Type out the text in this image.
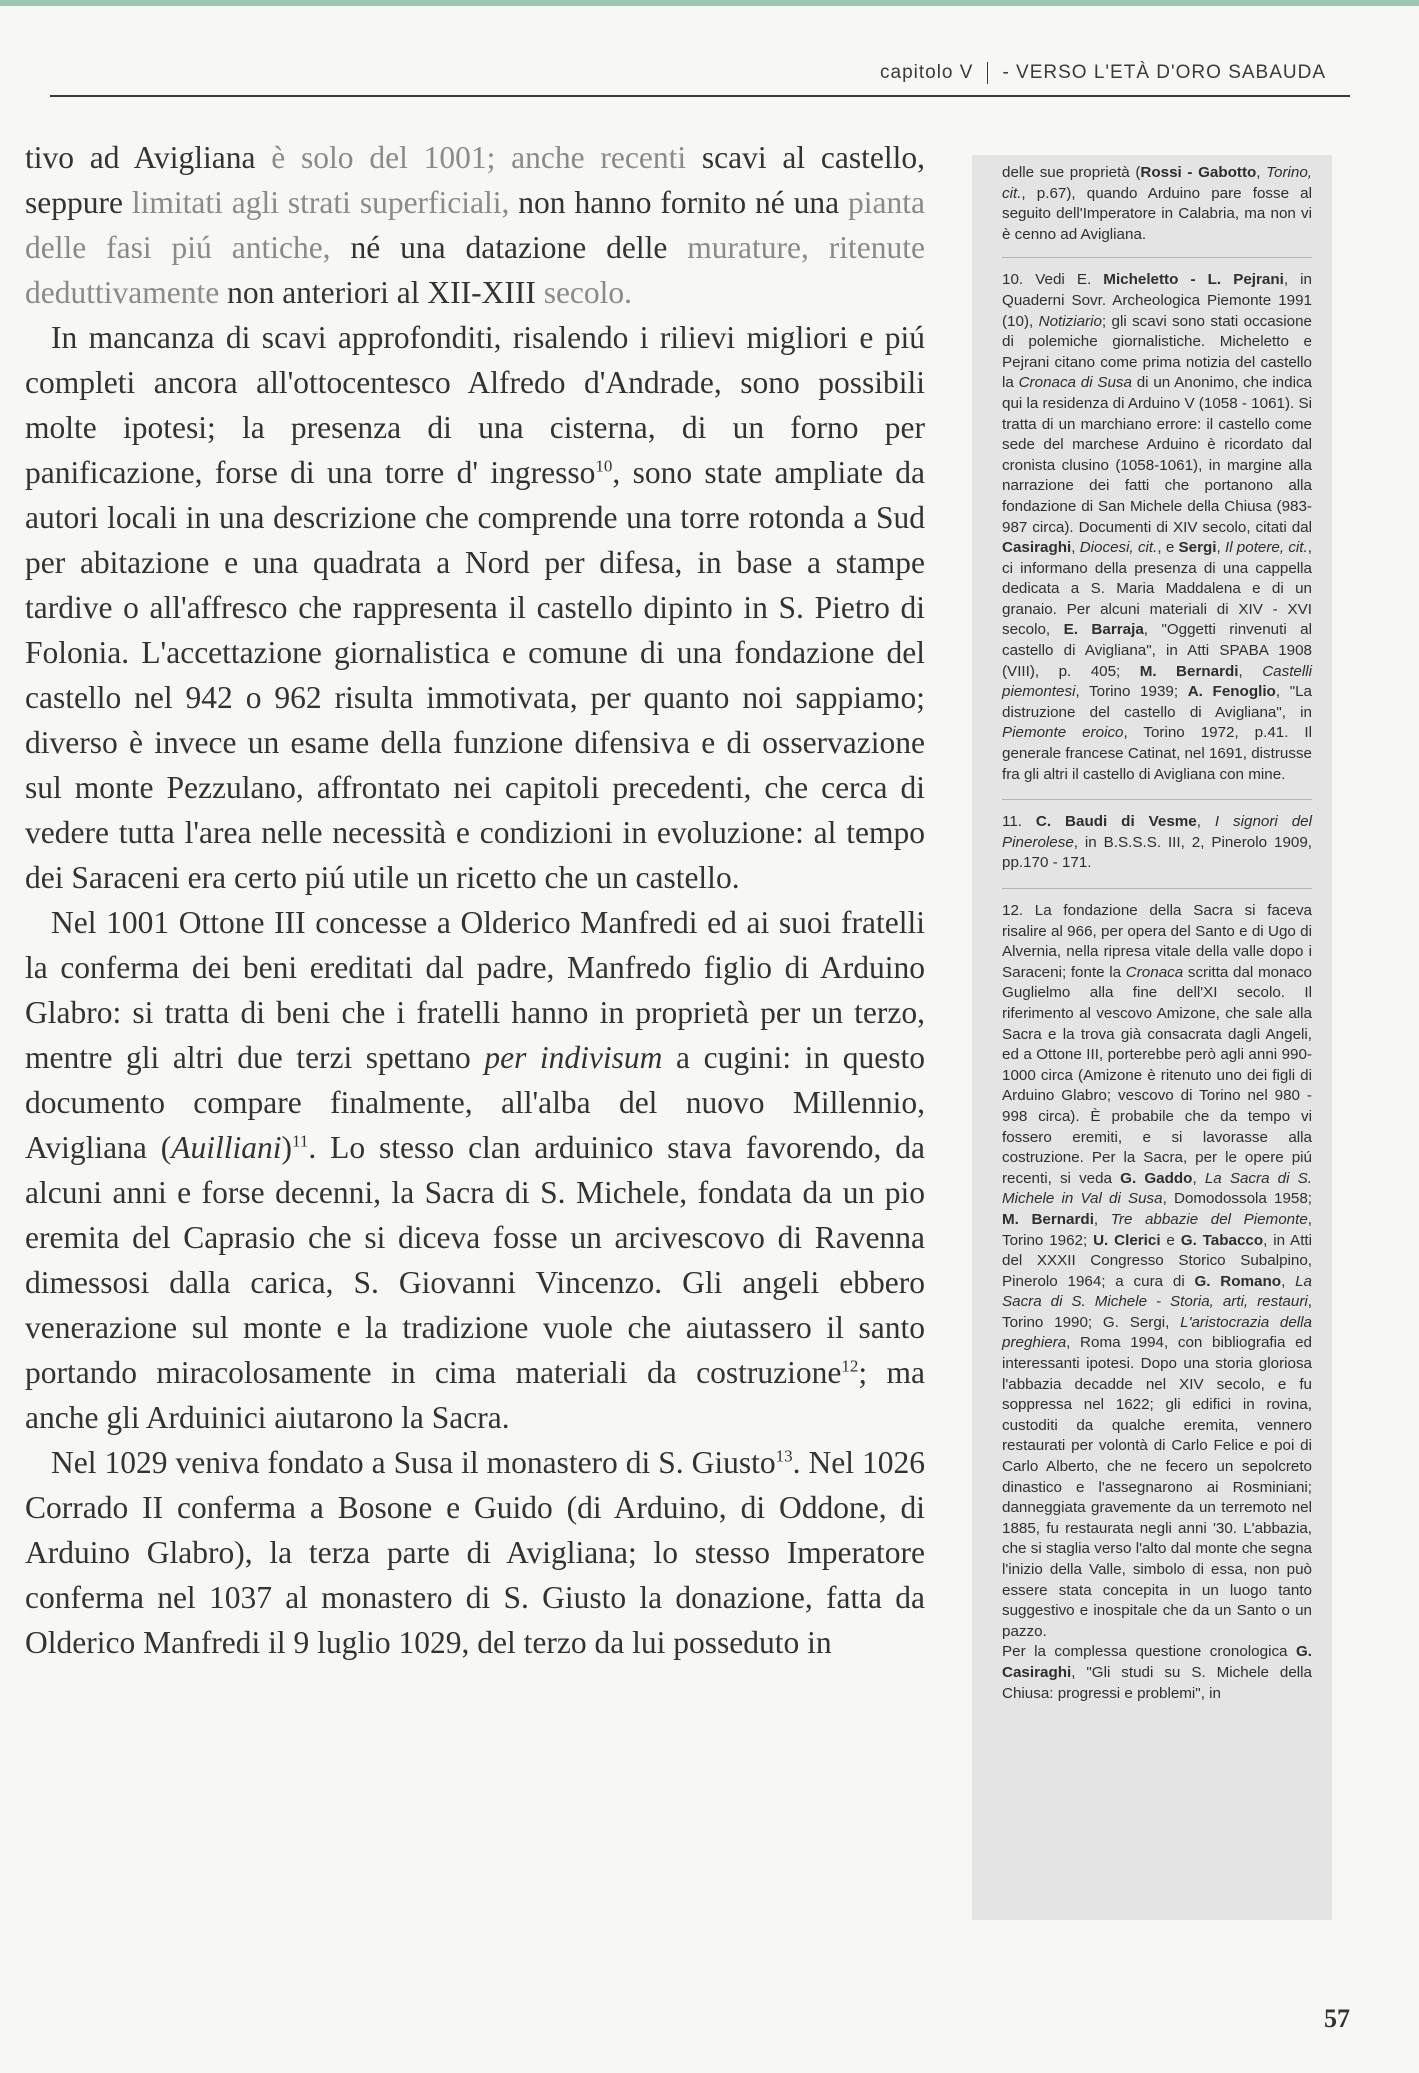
capitolo V - VERSO L'ETÀ D'ORO SABAUDA

tivo ad Avigliana è solo del 1001; anche recenti scavi al castello, seppure limitati agli strati superficiali, non hanno fornito né una pianta delle fasi piú antiche, né una datazione delle murature, ritenute deduttivamente non anteriori al XII-XIII secolo.

In mancanza di scavi approfonditi, risalendo i rilievi migliori e piú completi ancora all'ottocentesco Alfredo d'Andrade, sono possibili molte ipotesi; la presenza di una cisterna, di un forno per panificazione, forse di una torre d' ingresso$^{10}$, sono state ampliate da autori locali in una descrizione che comprende una torre rotonda a Sud per abitazione e una quadrata a Nord per difesa, in base a stampe tardive o all'affresco che rappresenta il castello dipinto in S. Pietro di Folonia. L'accettazione giornalistica e comune di una fondazione del castello nel 942 o 962 risulta immotivata, per quanto noi sappiamo; diverso è invece un esame della funzione difensiva e di osservazione sul monte Pezzulano, affrontato nei capitoli precedenti, che cerca di vedere tutta l'area nelle necessità e condizioni in evoluzione: al tempo dei Saraceni era certo piú utile un ricetto che un castello.

Nel 1001 Ottone III concesse a Olderico Manfredi ed ai suoi fratelli la conferma dei beni ereditati dal padre, Manfredo figlio di Arduino Glabro: si tratta di beni che i fratelli hanno in proprietà per un terzo, mentre gli altri due terzi spettano per indivisum a cugini: in questo documento compare finalmente, all'alba del nuovo Millennio, Avigliana (Auilliani)$^{11}$. Lo stesso clan arduinico stava favorendo, da alcuni anni e forse decenni, la Sacra di S. Michele, fondata da un pio eremita del Caprasio che si diceva fosse un arcivescovo di Ravenna dimessosi dalla carica, S. Giovanni Vincenzo. Gli angeli ebbero venerazione sul monte e la tradizione vuole che aiutassero il santo portando miracolosamente in cima materiali da costruzione$^{12}$; ma anche gli Arduinici aiutarono la Sacra.

Nel 1029 veniva fondato a Susa il monastero di S. Giusto$^{13}$. Nel 1026 Corrado II conferma a Bosone e Guido (di Arduino, di Oddone, di Arduino Glabro), la terza parte di Avigliana; lo stesso Imperatore conferma nel 1037 al monastero di S. Giusto la donazione, fatta da Olderico Manfredi il 9 luglio 1029, del terzo da lui posseduto in

delle sue proprietà (Rossi - Gabotto, Torino, cit., p.67), quando Arduino pare fosse al seguito dell'Imperatore in Calabria, ma non vi è cenno ad Avigliana.

10. Vedi E. Micheletto - L. Pejrani, in Quaderni Sovr. Archeologica Piemonte 1991 (10), Notiziario; gli scavi sono stati occasione di polemiche giornalistiche. Micheletto e Pejrani citano come prima notizia del castello la Cronaca di Susa di un Anonimo, che indica qui la residenza di Arduino V (1058 - 1061). Si tratta di un marchiano errore: il castello come sede del marchese Arduino è ricordato dal cronista clusino (1058-1061), in margine alla narrazione dei fatti che portanono alla fondazione di San Michele della Chiusa (983-987 circa). Documenti di XIV secolo, citati dal Casiraghi, Diocesi, cit., e Sergi, Il potere, cit., ci informano della presenza di una cappella dedicata a S. Maria Maddalena e di un granaio. Per alcuni materiali di XIV - XVI secolo, E. Barraja, "Oggetti rinvenuti al castello di Avigliana", in Atti SPABA 1908 (VIII), p. 405; M. Bernardi, Castelli piemontesi, Torino 1939; A. Fenoglio, "La distruzione del castello di Avigliana", in Piemonte eroico, Torino 1972, p.41. Il generale francese Catinat, nel 1691, distrusse fra gli altri il castello di Avigliana con mine.

11. C. Baudi di Vesme, I signori del Pinerolese, in B.S.S.S. III, 2, Pinerolo 1909, pp.170 - 171.

12. La fondazione della Sacra si faceva risalire al 966, per opera del Santo e di Ugo di Alvernia, nella ripresa vitale della valle dopo i Saraceni; fonte la Cronaca scritta dal monaco Guglielmo alla fine dell'XI secolo. Il riferimento al vescovo Amizone, che sale alla Sacra e la trova già consacrata dagli Angeli, ed a Ottone III, porterebbe però agli anni 990-1000 circa (Amizone è ritenuto uno dei figli di Arduino Glabro; vescovo di Torino nel 980 - 998 circa). È probabile che da tempo vi fossero eremiti, e si lavorasse alla costruzione. Per la Sacra, per le opere piú recenti, si veda G. Gaddo, La Sacra di S. Michele in Val di Susa, Domodossola 1958; M. Bernardi, Tre abbazie del Piemonte, Torino 1962; U. Clerici e G. Tabacco, in Atti del XXXII Congresso Storico Subalpino, Pinerolo 1964; a cura di G. Romano, La Sacra di S. Michele - Storia, arti, restauri, Torino 1990; G. Sergi, L'aristocrazia della preghiera, Roma 1994, con bibliografia ed interessanti ipotesi. Dopo una storia gloriosa l'abbazia decadde nel XIV secolo, e fu soppressa nel 1622; gli edifici in rovina, custoditi da qualche eremita, vennero restaurati per volontà di Carlo Felice e poi di Carlo Alberto, che ne fecero un sepolcreto dinastico e l'assegnarono ai Rosminiani; danneggiata gravemente da un terremoto nel 1885, fu restaurata negli anni '30. L'abbazia, che si staglia verso l'alto dal monte che segna l'inizio della Valle, simbolo di essa, non può essere stata concepita in un luogo tanto suggestivo e inospitale che da un Santo o un pazzo.
Per la complessa questione cronologica G. Casiraghi, "Gli studi su S. Michele della Chiusa: progressi e problemi", in

57
